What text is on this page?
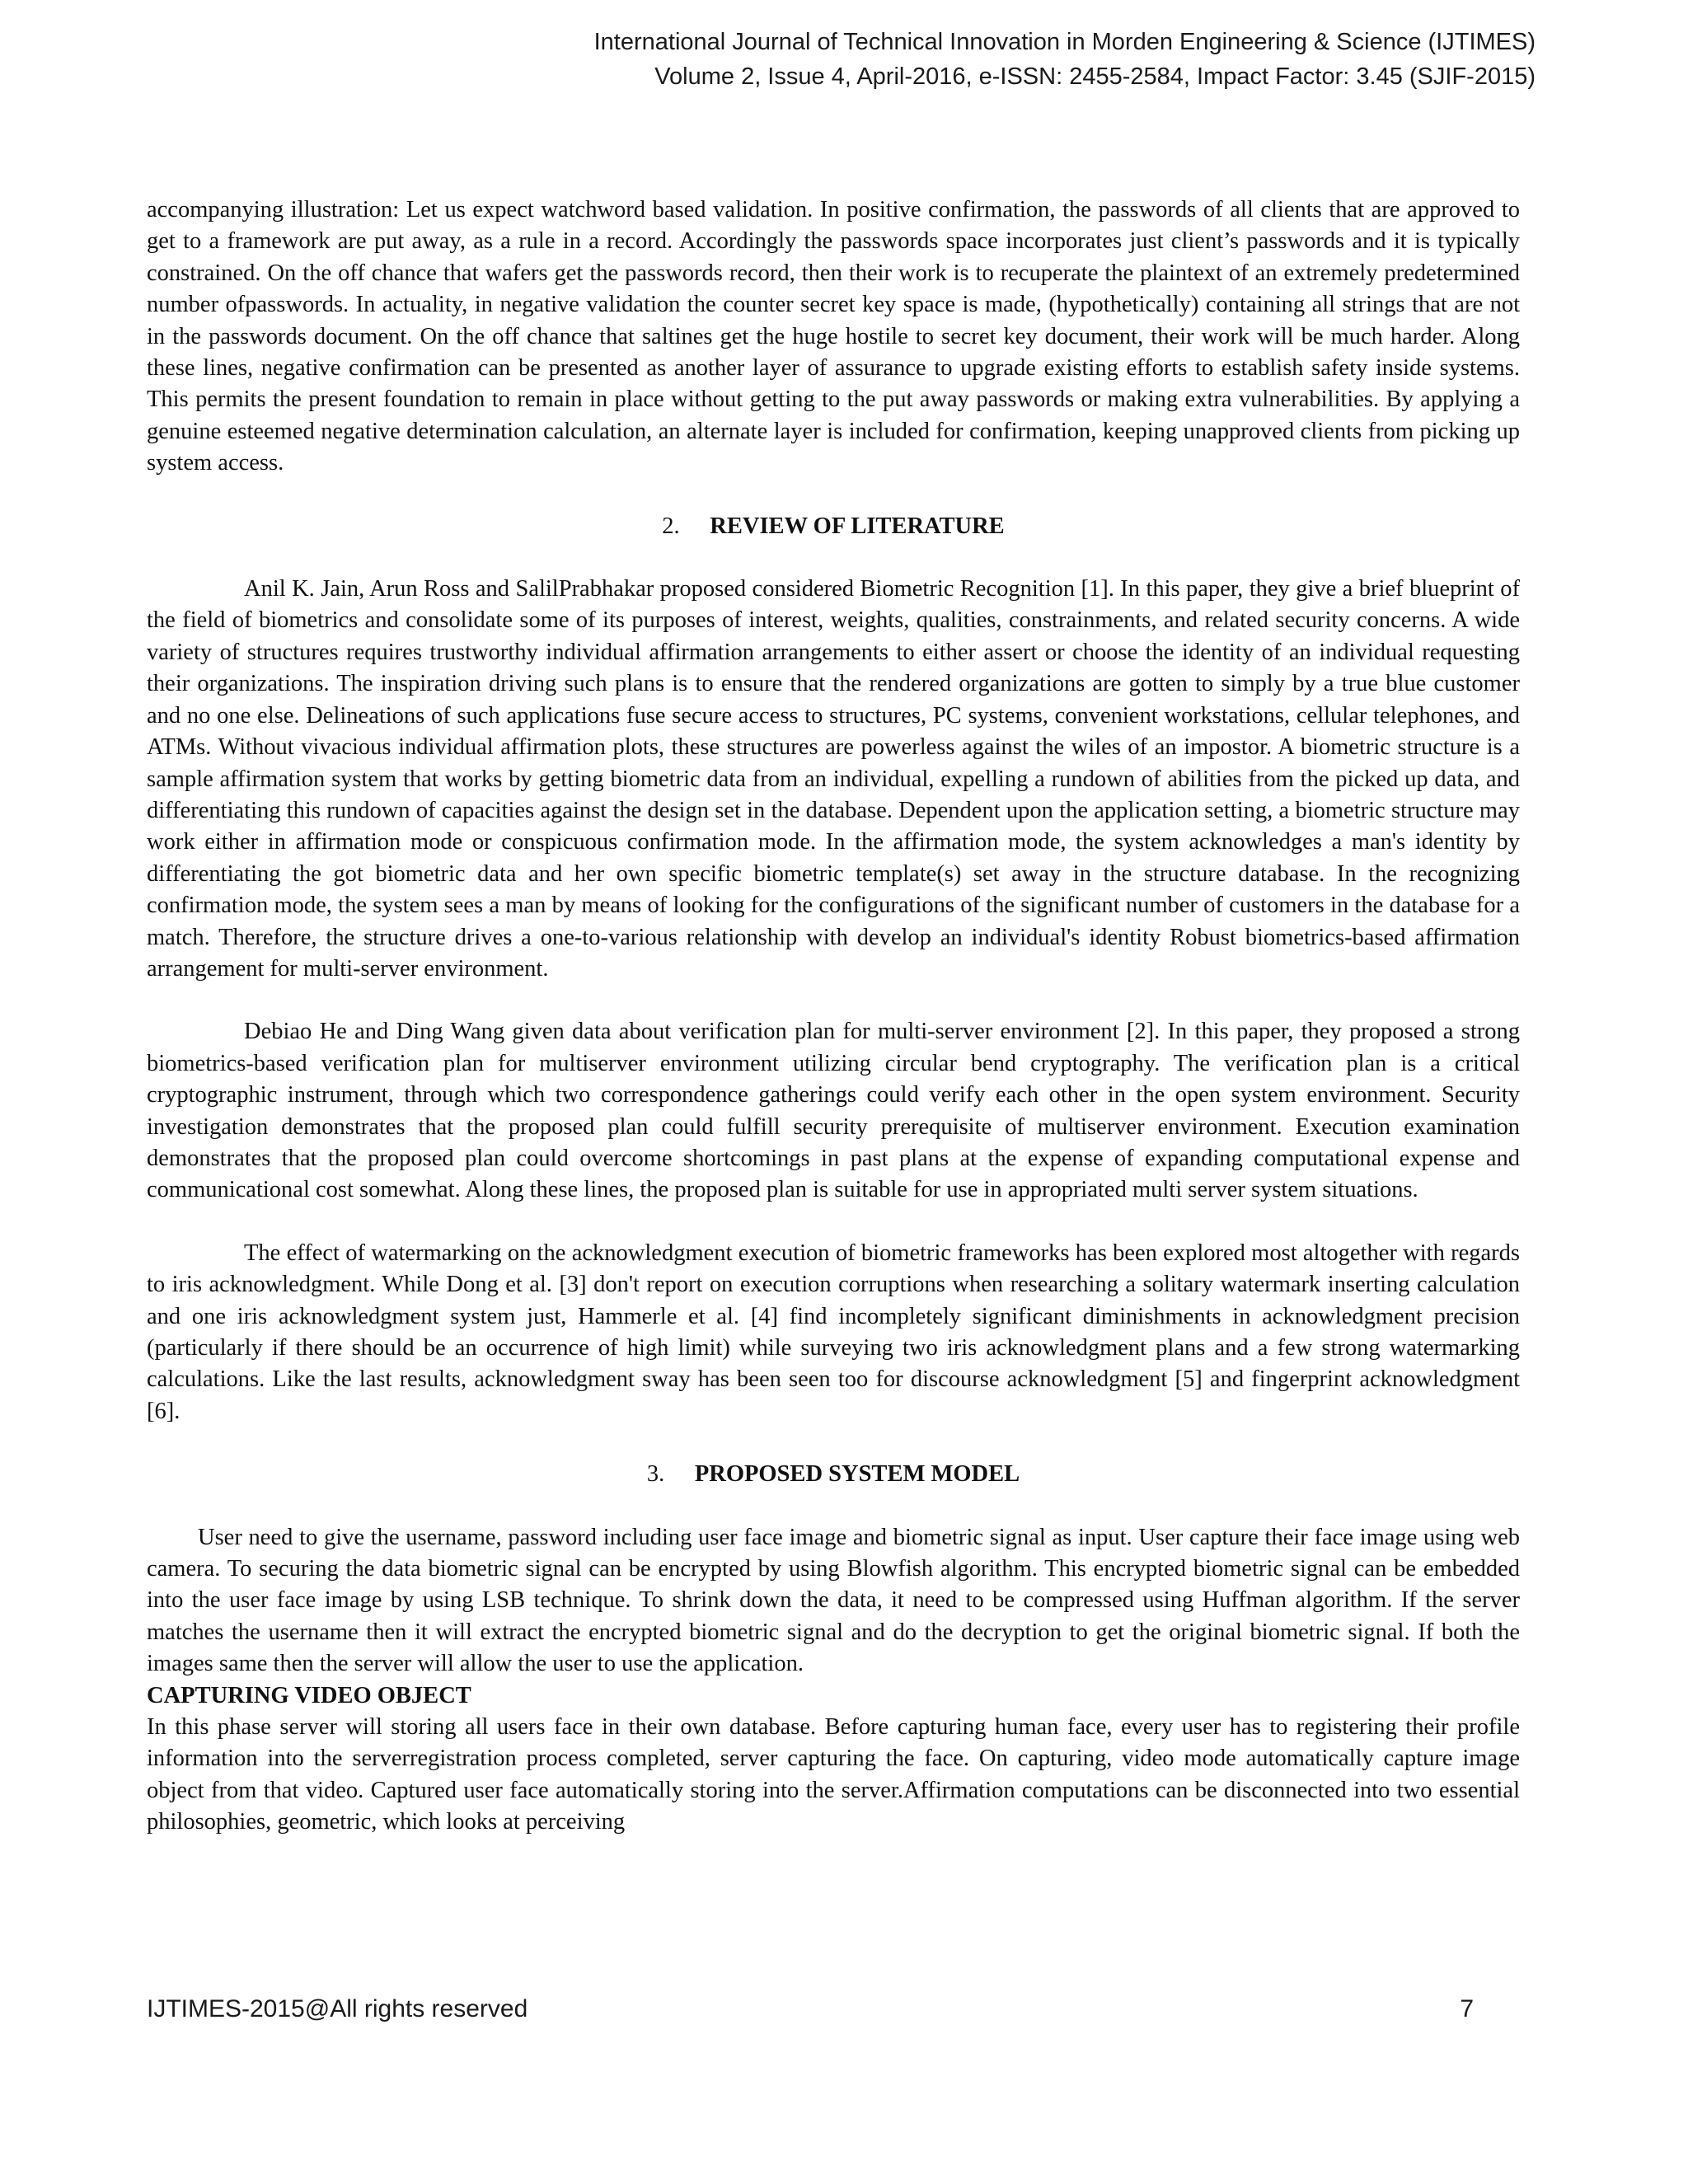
International Journal of Technical Innovation in Morden Engineering & Science (IJTIMES)
Volume 2, Issue 4, April-2016, e-ISSN: 2455-2584, Impact Factor: 3.45 (SJIF-2015)

accompanying illustration: Let us expect watchword based validation. In positive confirmation, the passwords of all clients that are approved to get to a framework are put away, as a rule in a record. Accordingly the passwords space incorporates just client’s passwords and it is typically constrained. On the off chance that wafers get the passwords record, then their work is to recuperate the plaintext of an extremely predetermined number ofpasswords. In actuality, in negative validation the counter secret key space is made, (hypothetically) containing all strings that are not in the passwords document. On the off chance that saltines get the huge hostile to secret key document, their work will be much harder. Along these lines, negative confirmation can be presented as another layer of assurance to upgrade existing efforts to establish safety inside systems. This permits the present foundation to remain in place without getting to the put away passwords or making extra vulnerabilities. By applying a genuine esteemed negative determination calculation, an alternate layer is included for confirmation, keeping unapproved clients from picking up system access.

2. REVIEW OF LITERATURE

Anil K. Jain, Arun Ross and SalilPrabhakar proposed considered Biometric Recognition [1]. In this paper, they give a brief blueprint of the field of biometrics and consolidate some of its purposes of interest, weights, qualities, constrainments, and related security concerns. A wide variety of structures requires trustworthy individual affirmation arrangements to either assert or choose the identity of an individual requesting their organizations. The inspiration driving such plans is to ensure that the rendered organizations are gotten to simply by a true blue customer and no one else. Delineations of such applications fuse secure access to structures, PC systems, convenient workstations, cellular telephones, and ATMs. Without vivacious individual affirmation plots, these structures are powerless against the wiles of an impostor. A biometric structure is a sample affirmation system that works by getting biometric data from an individual, expelling a rundown of abilities from the picked up data, and differentiating this rundown of capacities against the design set in the database. Dependent upon the application setting, a biometric structure may work either in affirmation mode or conspicuous confirmation mode. In the affirmation mode, the system acknowledges a man's identity by differentiating the got biometric data and her own specific biometric template(s) set away in the structure database. In the recognizing confirmation mode, the system sees a man by means of looking for the configurations of the significant number of customers in the database for a match. Therefore, the structure drives a one-to-various relationship with develop an individual's identity Robust biometrics-based affirmation arrangement for multi-server environment.

Debiao He and Ding Wang given data about verification plan for multi-server environment [2]. In this paper, they proposed a strong biometrics-based verification plan for multiserver environment utilizing circular bend cryptography. The verification plan is a critical cryptographic instrument, through which two correspondence gatherings could verify each other in the open system environment. Security investigation demonstrates that the proposed plan could fulfill security prerequisite of multiserver environment. Execution examination demonstrates that the proposed plan could overcome shortcomings in past plans at the expense of expanding computational expense and communicational cost somewhat. Along these lines, the proposed plan is suitable for use in appropriated multi server system situations.

The effect of watermarking on the acknowledgment execution of biometric frameworks has been explored most altogether with regards to iris acknowledgment. While Dong et al. [3] don't report on execution corruptions when researching a solitary watermark inserting calculation and one iris acknowledgment system just, Hammerle et al. [4] find incompletely significant diminishments in acknowledgment precision (particularly if there should be an occurrence of high limit) while surveying two iris acknowledgment plans and a few strong watermarking calculations. Like the last results, acknowledgment sway has been seen too for discourse acknowledgment [5] and fingerprint acknowledgment [6].

3. PROPOSED SYSTEM MODEL

User need to give the username, password including user face image and biometric signal as input. User capture their face image using web camera. To securing the data biometric signal can be encrypted by using Blowfish algorithm. This encrypted biometric signal can be embedded into the user face image by using LSB technique. To shrink down the data, it need to be compressed using Huffman algorithm. If the server matches the username then it will extract the encrypted biometric signal and do the decryption to get the original biometric signal. If both the images same then the server will allow the user to use the application.

CAPTURING VIDEO OBJECT

In this phase server will storing all users face in their own database. Before capturing human face, every user has to registering their profile information into the serverregistration process completed, server capturing the face. On capturing, video mode automatically capture image object from that video. Captured user face automatically storing into the server.Affirmation computations can be disconnected into two essential philosophies, geometric, which looks at perceiving

IJTIMES-2015@All rights reserved	7
